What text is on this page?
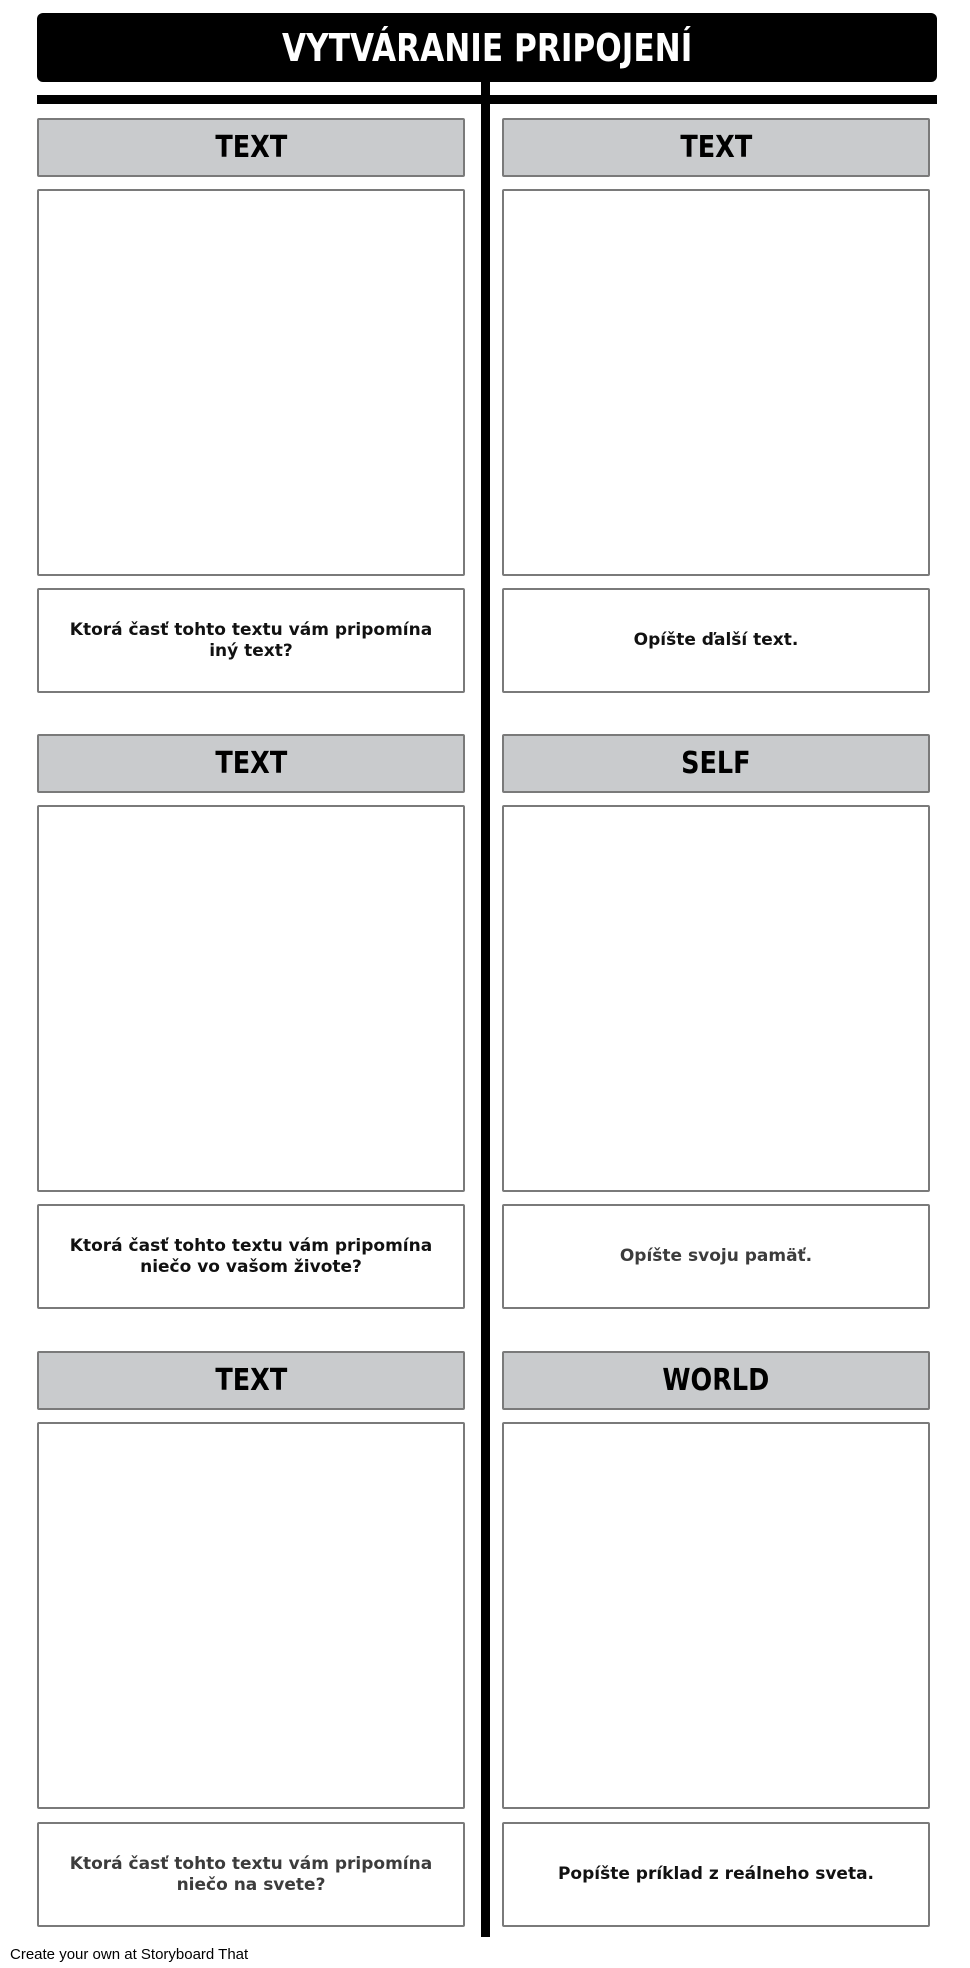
VYTVÁRANIE PRIPOJENÍ
TEXT
Ktorá časť tohto textu vám pripomína iný text?
TEXT
Opíšte ďalší text.
TEXT
Ktorá časť tohto textu vám pripomína niečo vo vašom živote?
SELF
Opíšte svoju pamäť.
TEXT
Ktorá časť tohto textu vám pripomína niečo na svete?
WORLD
Popíšte príklad z reálneho sveta.
Create your own at Storyboard That
